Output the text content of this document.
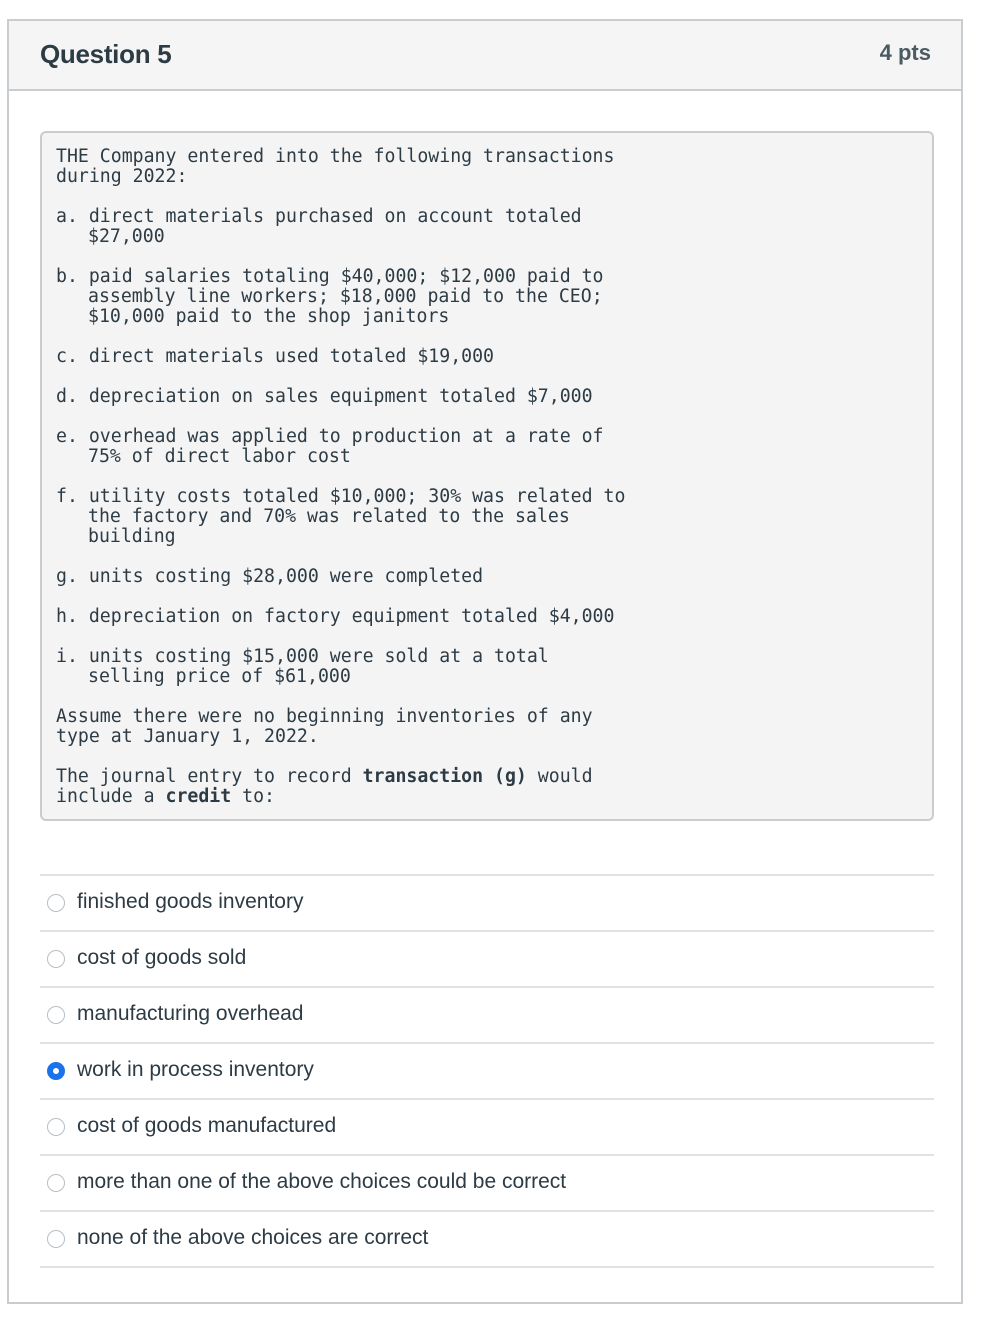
Question 5	4 pts
THE Company entered into the following transactions
during 2022:
a. direct materials purchased on account totaled
$27,000
b. paid salaries totaling $40,000; $12,000 paid to
assembly line workers; $18,000 paid to the CEO;
$10,000 paid to the shop janitors
c. direct materials used totaled $19,000
d. depreciation on sales equipment totaled $7,000
e. overhead was applied to production at a rate of
75% of direct labor cost
f. utility costs totaled $10,000; 30% was related to
the factory and 70% was related to the sales
building
g. units costing $28,000 were completed
h. depreciation on factory equipment totaled $4,000
i. units costing $15,000 were sold at a total
selling price of $61,000
Assume there were no beginning inventories of any
type at January 1, 2022.
The journal entry to record transaction (g) would
include a credit to:
finished goods inventory
cost of goods sold
manufacturing overhead
work in process inventory
cost of goods manufactured
more than one of the above choices could be correct
none of the above choices are correct
